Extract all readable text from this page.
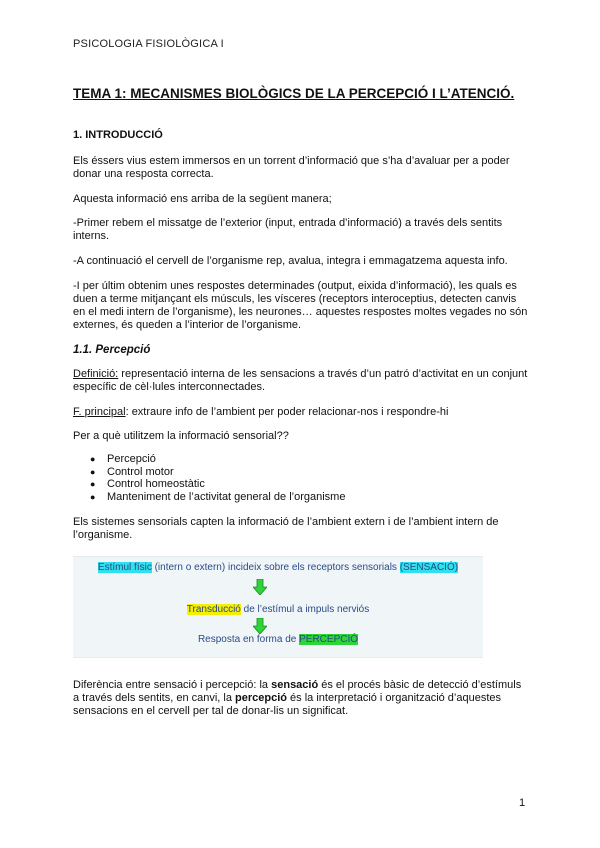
PSICOLOGIA FISIOLÒGICA I
TEMA 1: MECANISMES BIOLÒGICS DE LA PERCEPCIÓ I L’ATENCIÓ.
1. INTRODUCCIÓ
Els éssers vius estem immersos en un torrent d’informació que s’ha d’avaluar per a poder donar una resposta correcta.
Aquesta informació ens arriba de la següent manera;
-Primer rebem el missatge de l’exterior (input, entrada d’informació) a través dels sentits interns.
-A continuació el cervell de l’organisme rep, avalua, integra i emmagatzema aquesta info.
-I per últim obtenim unes respostes determinades (output, eixida d’informació), les quals es duen a terme mitjançant els músculs, les vísceres (receptors interoceptius, detecten canvis en el medi intern de l’organisme), les neurones… aquestes respostes moltes vegades no són externes, és queden a l’interior de l’organisme.
1.1. Percepció
Definició: representació interna de les sensacions a través d’un patró d’activitat en un conjunt específic de cèl·lules interconnectades.
F. principal: extraure info de l’ambient per poder relacionar-nos i respondre-hi
Per a què utilitzem la informació sensorial??
● Percepció
● Control motor
● Control homeostàtic
● Manteniment de l’activitat general de l’organisme
Els sistemes sensorials capten la informació de l’ambient extern i de l’ambient intern de l’organisme.
Estímul físic (intern o extern) incideix sobre els receptors sensorials (SENSACIÓ)
Transducció de l’estímul a impuls nerviós
Resposta en forma de PERCEPCIÓ
Diferència entre sensació i percepció: la sensació és el procés bàsic de detecció d’estímuls a través dels sentits, en canvi, la percepció és la interpretació i organització d’aquestes sensacions en el cervell per tal de donar-lis un significat.
1
